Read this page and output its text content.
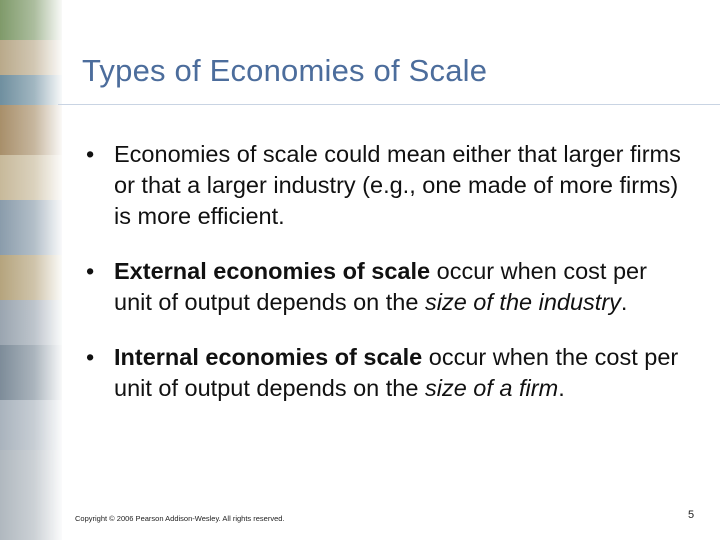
Types of Economies of Scale
• Economies of scale could mean either that larger firms or that a larger industry (e.g., one made of more firms) is more efficient.
• External economies of scale occur when cost per unit of output depends on the size of the industry.
• Internal economies of scale occur when the cost per unit of output depends on the size of a firm.
Copyright © 2006 Pearson Addison-Wesley. All rights reserved.	5
